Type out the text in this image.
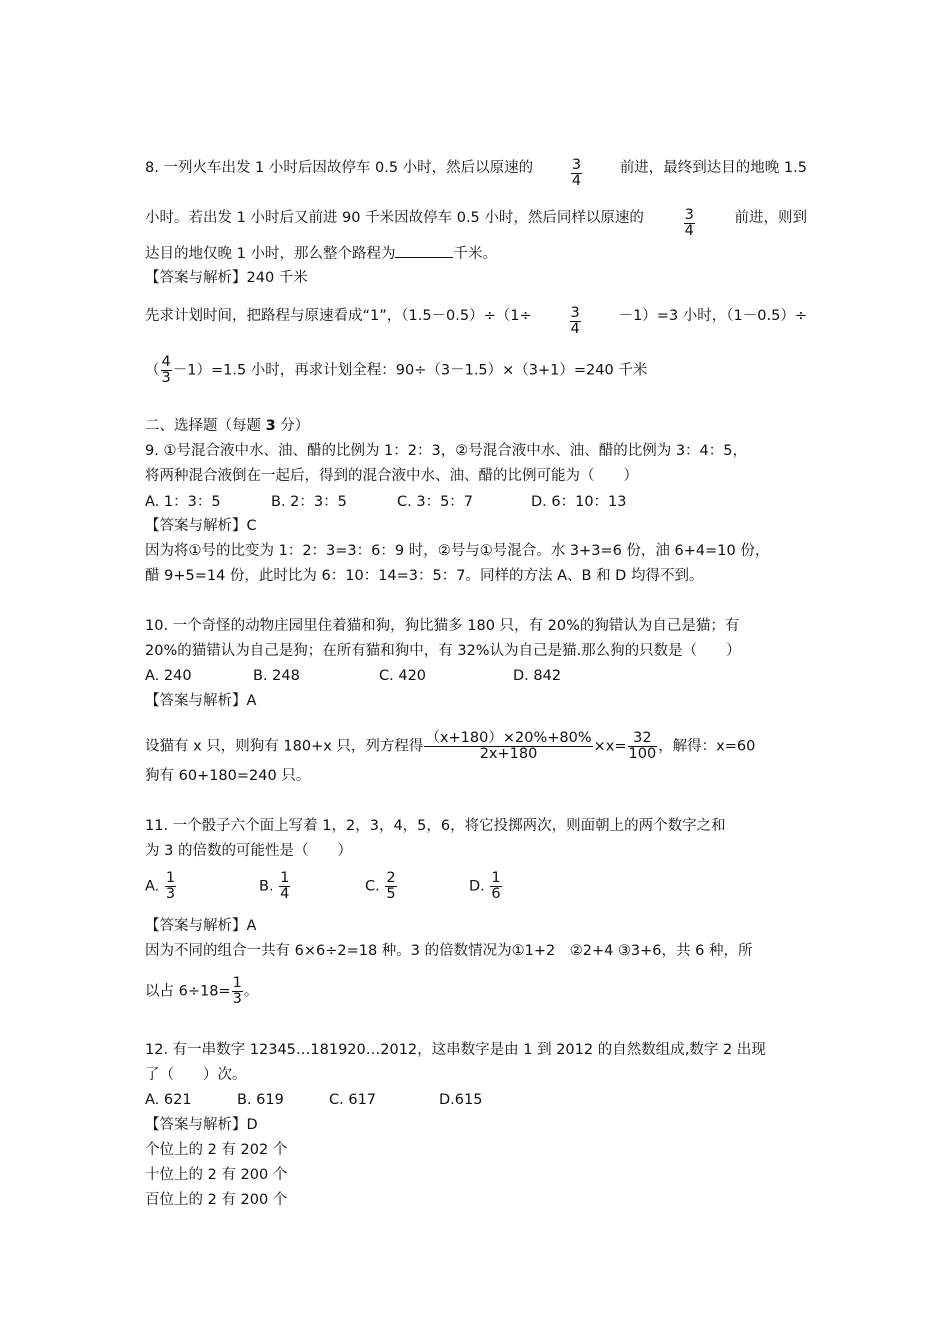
8. 一列火车出发 1 小时后因故停车 0.5 小时，然后以原速的	$\frac{3}{4}$	前进，最终到达目的地晚 1.5
小时。若出发 1 小时后又前进 90 千米因故停车 0.5 小时，然后同样以原速的	$\frac{3}{4}$	前进，则到
达目的地仅晚 1 小时，那么整个路程为	千米。
【答案与解析】240 千米
先求计划时间，把路程与原速看成“1”，（1.5－0.5）÷（1÷	$\frac{3}{4}$	－1）=3 小时，（1－0.5）÷
（ $\frac{4}{3} -1)=1.5$ 小时，再求计划全程：90÷（3－1.5）×（3+1）=240 千米
二、选择题（每题 3 分）
9. ①号混合液中水、油、醋的比例为 1：2：3，②号混合液中水、油、醋的比例为 3：4：5，
将两种混合液倒在一起后，得到的混合液中水、油、醋的比例可能为（　　）
A. 1：3：5	B. 2：3：5	C. 3：5：7	D. 6：10：13
【答案与解析】C
因为将①号的比变为 1：2：3=3：6：9 时，②号与①号混合。水 3+3=6 份，油 6+4=10 份，
醋 9+5=14 份，此时比为 6：10：14=3：5：7。同样的方法 A、B 和 D 均得不到。
10. 一个奇怪的动物庄园里住着猫和狗，狗比猫多 180 只，有 20%的狗错认为自己是猫；有
20%的猫错认为自己是狗；在所有猫和狗中，有 32%认为自己是猫.那么狗的只数是（　　）
A. 240	B. 248	C. 420	D. 842
【答案与解析】A
设猫有 x 只，则狗有 180+x 只，列方程得 $\frac{(x+180)\times 20\%+80\%}{2x+180} \times x= \frac{32}{100}$ ，解得：x=60
狗有 60+180=240 只。
11. 一个骰子六个面上写着 1，2，3，4，5，6，将它投掷两次，则面朝上的两个数字之和
为 3 的倍数的可能性是（　　）
A. $\frac{1}{3}$	B. $\frac{1}{4}$	C. $\frac{2}{5}$	D. $\frac{1}{6}$
【答案与解析】A
因为不同的组合一共有 6×6÷2=18 种。3 的倍数情况为①1+2　②2+4 ③3+6，共 6 种，所
以占 $6\div 18= \frac{1}{3}$ 。
12. 有一串数字 12345…181920…2012，这串数字是由 1 到 2012 的自然数组成,数字 2 出现
了（　　）次。
A. 621	B. 619	C. 617	D.615
【答案与解析】D
个位上的 2 有 202 个
十位上的 2 有 200 个
百位上的 2 有 200 个
